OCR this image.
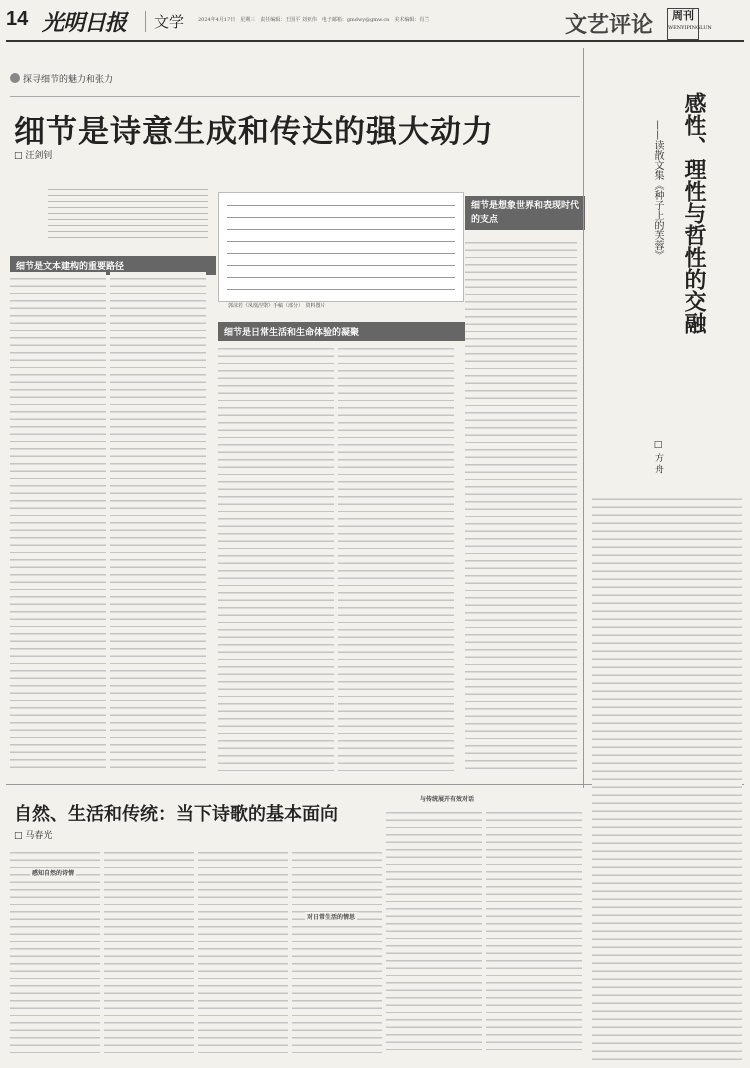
14 光明日报	文学	2024年4月17日　星期三　责任编辑：王国平 刘亚伟　电子邮箱：gmdwy@gmw.cn　美术编辑：肖兰	文艺评论	周刊
WENYIPINGLUN
探寻细节的魅力和张力
细节是诗意生成和传达的强大动力
□ 汪剑钊
细节是文本建构的重要路径
细节是日常生活和生命体验的凝聚
细节是想象世界和表现时代的支点
郭沫若《凤凰涅槃》手稿（部分）　资料图片	感性、理性与哲性的交融
——读散文集《种子上的芙蓉》
□ 方 舟
自然、生活和传统：当下诗歌的基本面向
□ 马春光
感知自然的诗情
对日常生活的情思
与传统展开有效对话
